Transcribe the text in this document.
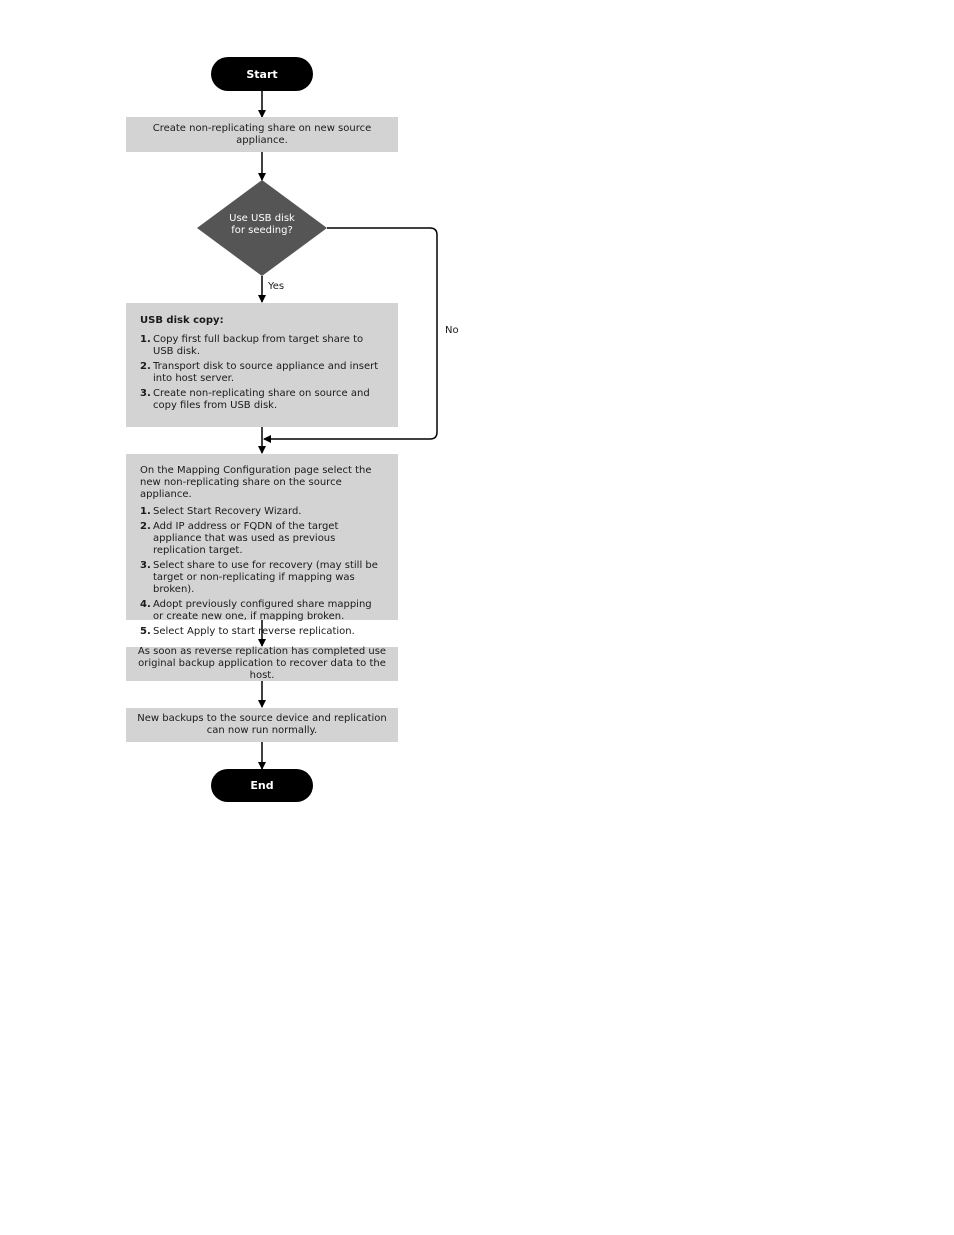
Start

Create non-replicating share on new source appliance.

Use USB disk
for seeding?
Yes
No
USB disk copy:
1. Copy first full backup from target share to USB disk.
2. Transport disk to source appliance and insert into host server.
3. Create non-replicating share on source and copy files from USB disk.

On the Mapping Configuration page select the new non-replicating share on the source appliance.

1. Select Start Recovery Wizard.
2. Add IP address or FQDN of the target appliance that was used as previous replication target.
3. Select share to use for recovery (may still be target or non-replicating if mapping was broken).
4. Adopt previously configured share mapping or create new one, if mapping broken.
5. Select Apply to start reverse replication.

As soon as reverse replication has completed use original backup application to recover data to the host.

New backups to the source device and replication can now run normally.

End
